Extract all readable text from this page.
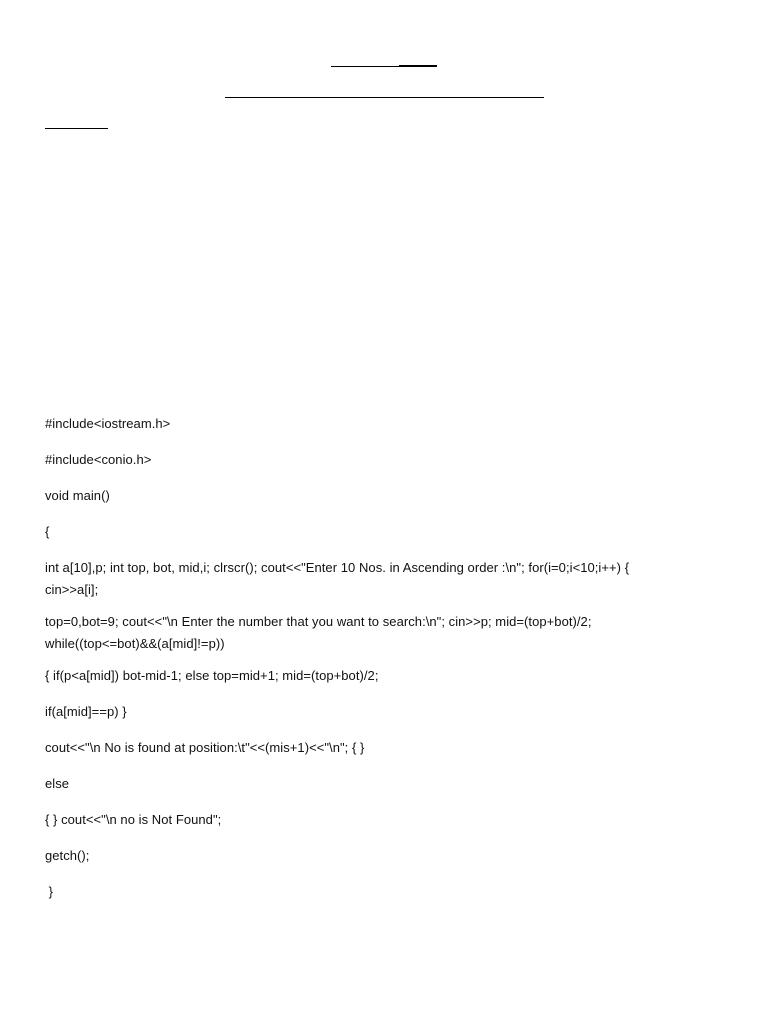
#include<iostream.h>

#include<conio.h>

void main()

{

int a[10],p; int top, bot, mid,i; clrscr(); cout<<"Enter 10 Nos. in Ascending order :\n"; for(i=0;i<10;i++) {
cin>>a[i];

top=0,bot=9; cout<<"\n Enter the number that you want to search:\n"; cin>>p; mid=(top+bot)/2;
while((top<=bot)&&(a[mid]!=p))

{ if(p<a[mid]) bot-mid-1; else top=mid+1; mid=(top+bot)/2;

if(a[mid]==p) }

cout<<"\n No is found at position:\t"<<(mis+1)<<"\n"; { }

else

{ } cout<<"\n no is Not Found";

getch();

}
